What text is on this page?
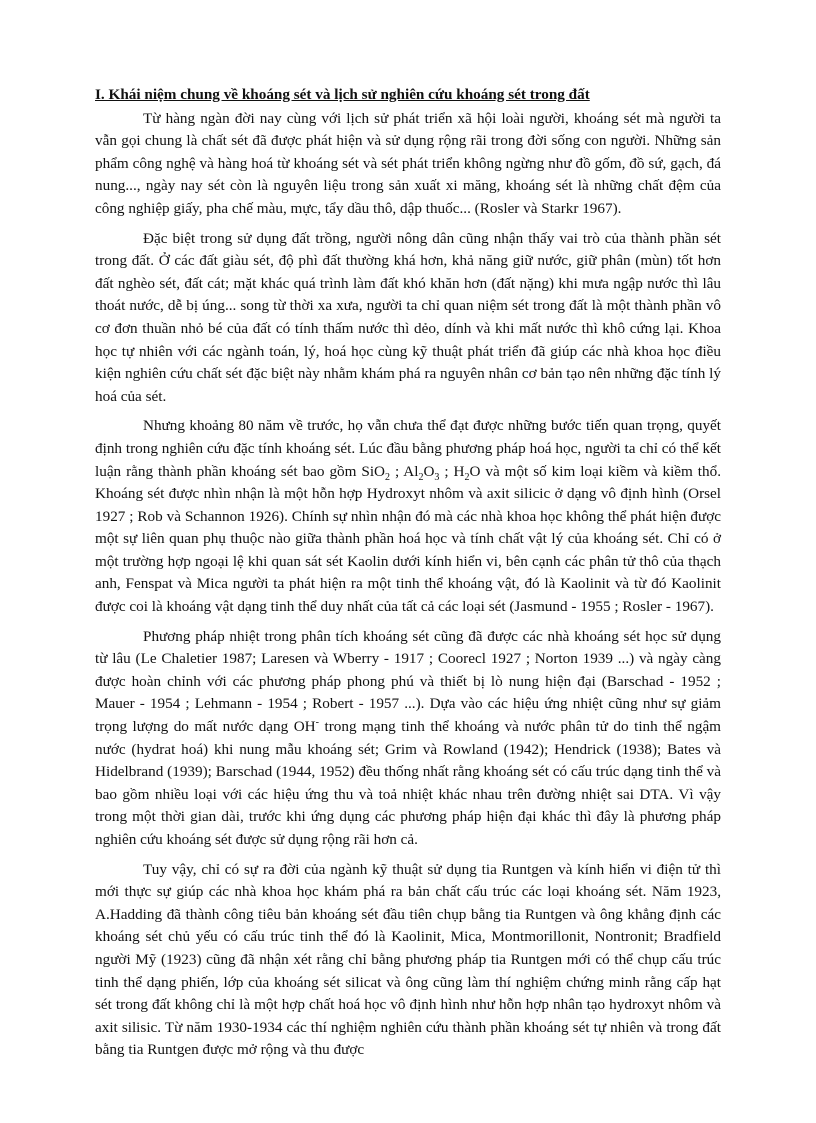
I. Khái niệm chung về khoáng sét và lịch sử nghiên cứu khoáng sét trong đất

Từ hàng ngàn đời nay cùng với lịch sử phát triển xã hội loài người, khoáng sét mà người ta vẫn gọi chung là chất sét đã được phát hiện và sử dụng rộng rãi trong đời sống con người. Những sản phẩm công nghệ và hàng hoá từ khoáng sét và sét phát triển không ngừng như đồ gốm, đồ sứ, gạch, đá nung..., ngày nay sét còn là nguyên liệu trong sản xuất xi măng, khoáng sét là những chất đệm của công nghiệp giấy, pha chế màu, mực, tẩy dầu thô, dập thuốc... (Rosler và Starkr 1967).

Đặc biệt trong sử dụng đất trồng, người nông dân cũng nhận thấy vai trò của thành phần sét trong đất. Ở các đất giàu sét, độ phì đất thường khá hơn, khả năng giữ nước, giữ phân (mùn) tốt hơn đất nghèo sét, đất cát; mặt khác quá trình làm đất khó khăn hơn (đất nặng) khi mưa ngập nước thì lâu thoát nước, dễ bị úng... song từ thời xa xưa, người ta chỉ quan niệm sét trong đất là một thành phần vô cơ đơn thuần nhỏ bé của đất có tính thấm nước thì dẻo, dính và khi mất nước thì khô cứng lại. Khoa học tự nhiên với các ngành toán, lý, hoá học cùng kỹ thuật phát triển đã giúp các nhà khoa học điều kiện nghiên cứu chất sét đặc biệt này nhằm khám phá ra nguyên nhân cơ bản tạo nên những đặc tính lý hoá của sét.

Nhưng khoảng 80 năm về trước, họ vẫn chưa thể đạt được những bước tiến quan trọng, quyết định trong nghiên cứu đặc tính khoáng sét. Lúc đầu bằng phương pháp hoá học, người ta chỉ có thể kết luận rằng thành phần khoáng sét bao gồm SiO$_2$ ; $Al_2O_3$ ; $H_2O$ và một số kim loại kiềm và kiềm thổ. Khoáng sét được nhìn nhận là một hỗn hợp Hydroxyt nhôm và axit silicic ở dạng vô định hình (Orsel 1927 ; Rob và Schannon 1926). Chính sự nhìn nhận đó mà các nhà khoa học không thể phát hiện được một sự liên quan phụ thuộc nào giữa thành phần hoá học và tính chất vật lý của khoáng sét. Chỉ có ở một trường hợp ngoại lệ khi quan sát sét Kaolin dưới kính hiển vi, bên cạnh các phân tử thô của thạch anh, Fenspat và Mica người ta phát hiện ra một tinh thể khoáng vật, đó là Kaolinit và từ đó Kaolinit được coi là khoáng vật dạng tinh thể duy nhất của tất cả các loại sét (Jasmund - 1955 ; Rosler - 1967).

Phương pháp nhiệt trong phân tích khoáng sét cũng đã được các nhà khoáng sét học sử dụng từ lâu (Le Chaletier 1987; Laresen và Wberry - 1917 ; Coorecl 1927 ; Norton 1939 ...) và ngày càng được hoàn chỉnh với các phương pháp phong phú và thiết bị lò nung hiện đại (Barschad - 1952 ; Mauer - 1954 ; Lehmann - 1954 ; Robert - 1957 ...). Dựa vào các hiệu ứng nhiệt cũng như sự giảm trọng lượng do mất nước dạng OH- trong mạng tinh thể khoáng và nước phân tử do tinh thể ngậm nước (hydrat hoá) khi nung mẫu khoáng sét; Grim và Rowland (1942); Hendrick (1938); Bates và Hidelbrand (1939); Barschad (1944, 1952) đều thống nhất rằng khoáng sét có cấu trúc dạng tinh thể và bao gồm nhiều loại với các hiệu ứng thu và toả nhiệt khác nhau trên đường nhiệt sai DTA. Vì vậy trong một thời gian dài, trước khi ứng dụng các phương pháp hiện đại khác thì đây là phương pháp nghiên cứu khoáng sét được sử dụng rộng rãi hơn cả.

Tuy vậy, chỉ có sự ra đời của ngành kỹ thuật sử dụng tia Runtgen và kính hiển vi điện tử thì mới thực sự giúp các nhà khoa học khám phá ra bản chất cấu trúc các loại khoáng sét. Năm 1923, A.Hadding đã thành công tiêu bản khoáng sét đầu tiên chụp bằng tia Runtgen và ông khẳng định các khoáng sét chủ yếu có cấu trúc tinh thể đó là Kaolinit, Mica, Montmorillonit, Nontronit; Bradfield người Mỹ (1923) cũng đã nhận xét rằng chỉ bằng phương pháp tia Runtgen mới có thể chụp cấu trúc tinh thể dạng phiến, lớp của khoáng sét silicat và ông cũng làm thí nghiệm chứng minh rằng cấp hạt sét trong đất không chỉ là một hợp chất hoá học vô định hình như hỗn hợp nhân tạo hydroxyt nhôm và axit silisic. Từ năm 1930-1934 các thí nghiệm nghiên cứu thành phần khoáng sét tự nhiên và trong đất bằng tia Runtgen được mở rộng và thu được
